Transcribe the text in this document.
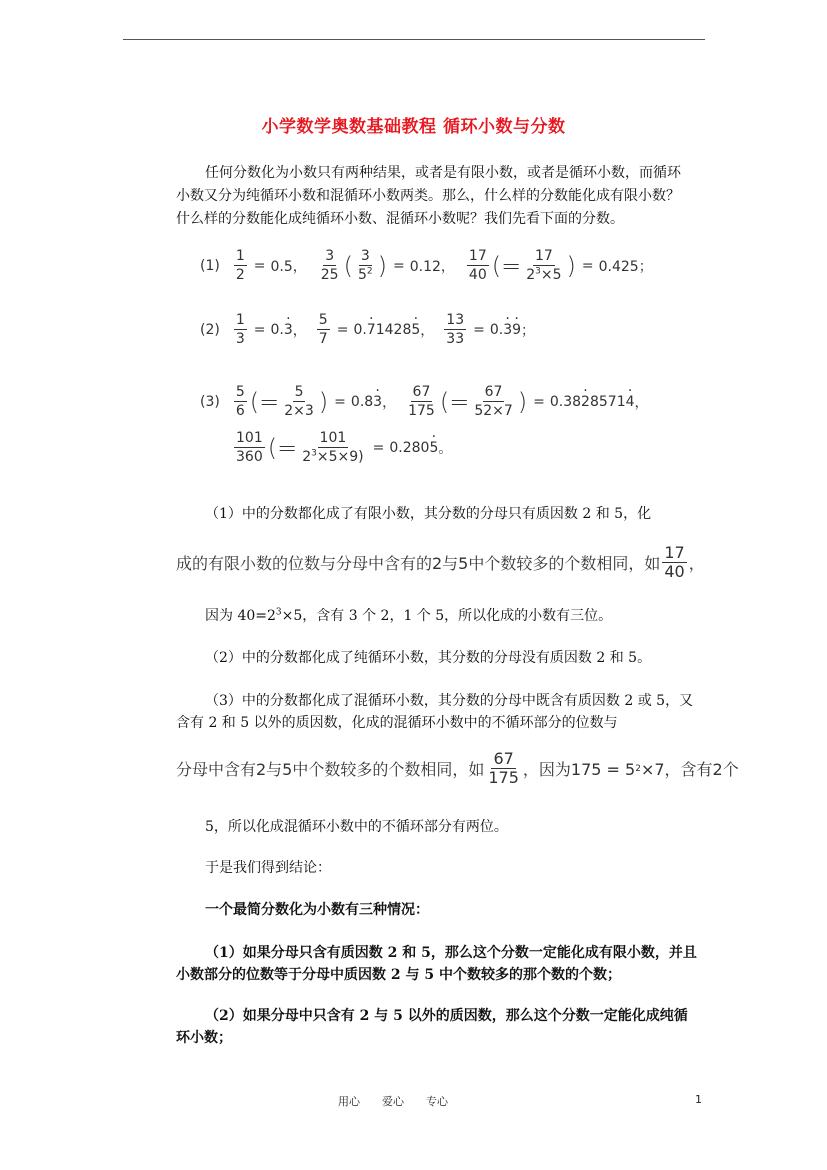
小学数学奥数基础教程 循环小数与分数
任何分数化为小数只有两种结果，或者是有限小数，或者是循环小数，而循环
小数又分为纯循环小数和混循环小数两类。那么，什么样的分数能化成有限小数？
什么样的分数能化成纯循环小数、混循环小数呢？我们先看下面的分数。
$(1) \frac{1}{2} = 0.5$， $\frac{3}{25}$ ( $\frac{3}{5^2}$ ) = 0.12， $\frac{17}{40}$ (= $\frac{17}{2^3\times 5}$ ) = 0.425；
$(2) \frac{1}{3} = 0$.
· 3 ， $\frac{5}{7} = 0$.
· 7 1428
· 5 ， $\frac{13}{33} = 0$.
· 3
· 9 ；
$(3) \frac{5}{6}$ (= $\frac{5}{2\times 3}$ ) = 0.8
· 3 ， $\frac{67}{175}$ (= $\frac{67}{52\times 7}$ ) = 0.38
· 2 8571
· 4 ，
$\frac{101}{360}$ (= $\frac{101}{2^3\times 5\times 9)} = 0.280$
· 5 。
（1）中的分数都化成了有限小数，其分数的分母只有质因数 2 和 5，化
成的有限小数的位数与分母中含有的2与5中个数较多的个数相同，如 $\frac{17}{40}$ ，
因为 $40=2^3\times 5$，含有 3 个 2，1 个 5，所以化成的小数有三位。
（2）中的分数都化成了纯循环小数，其分数的分母没有质因数 2 和 5。
（3）中的分数都化成了混循环小数，其分数的分母中既含有质因数 2 或 5，又
含有 2 和 5 以外的质因数，化成的混循环小数中的不循环部分的位数与
分母中含有2与5中个数较多的个数相同，如 $\frac{67}{175}$ ，因为175 = 5 2 ×7，含有2个
5，所以化成混循环小数中的不循环部分有两位。
于是我们得到结论：
一个最简分数化为小数有三种情况：
（1）如果分母只含有质因数 2 和 5，那么这个分数一定能化成有限小数，并且
小数部分的位数等于分母中质因数 2 与 5 中个数较多的那个数的个数；
（2）如果分母中只含有 2 与 5 以外的质因数，那么这个分数一定能化成纯循
环小数；
用心　　爱心　　专心	1
